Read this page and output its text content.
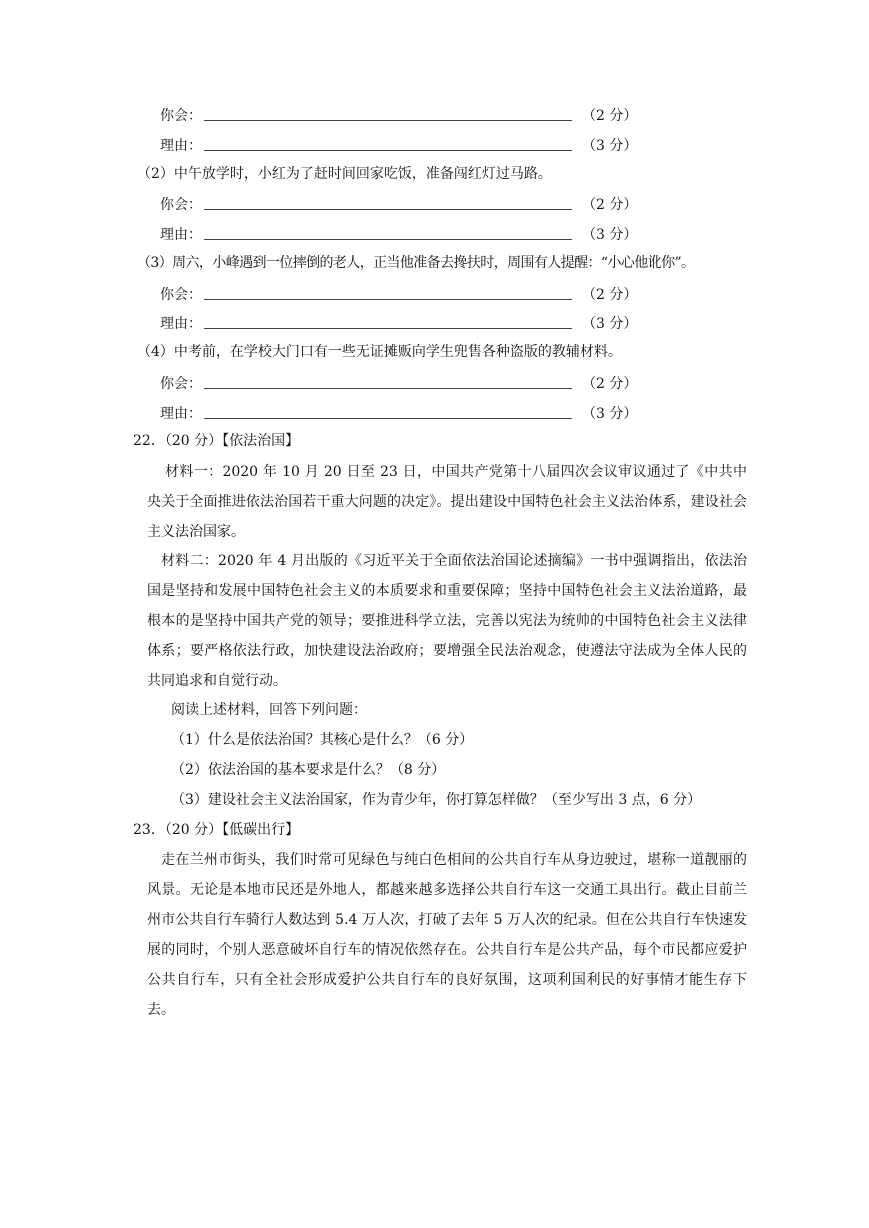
你会：	（2 分）
理由：	（3 分）
（2）中午放学时，小红为了赶时间回家吃饭，准备闯红灯过马路。
你会：	（2 分）
理由：	（3 分）
（3）周六，小峰遇到一位摔倒的老人，正当他准备去搀扶时，周围有人提醒：“小心他讹你”。
你会：	（2 分）
理由：	（3 分）
（4）中考前，在学校大门口有一些无证摊贩向学生兜售各种盗版的教辅材料。
你会：	（2 分）
理由：	（3 分）
22．（20 分）【依法治国】
材料一：2020 年 10 月 20 日至 23 日，中国共产党第十八届四次会议审议通过了《中共中央关于全面推进依法治国若干重大问题的决定》。提出建设中国特色社会主义法治体系，建设社会主义法治国家。
材料二：2020 年 4 月出版的《习近平关于全面依法治国论述摘编》一书中强调指出，依法治国是坚持和发展中国特色社会主义的本质要求和重要保障；坚持中国特色社会主义法治道路，最根本的是坚持中国共产党的领导；要推进科学立法，完善以宪法为统帅的中国特色社会主义法律体系；要严格依法行政，加快建设法治政府；要增强全民法治观念，使遵法守法成为全体人民的共同追求和自觉行动。
阅读上述材料，回答下列问题：
（1）什么是依法治国？其核心是什么？（6 分）
（2）依法治国的基本要求是什么？（8 分）
（3）建设社会主义法治国家，作为青少年，你打算怎样做？（至少写出 3 点，6 分）
23．（20 分）【低碳出行】
走在兰州市街头，我们时常可见绿色与纯白色相间的公共自行车从身边驶过，堪称一道靓丽的风景。无论是本地市民还是外地人，都越来越多选择公共自行车这一交通工具出行。截止目前兰州市公共自行车骑行人数达到 5.4 万人次，打破了去年 5 万人次的纪录。但在公共自行车快速发展的同时，个别人恶意破坏自行车的情况依然存在。公共自行车是公共产品，每个市民都应爱护公共自行车，只有全社会形成爱护公共自行车的良好氛围，这项利国利民的好事情才能生存下去。
